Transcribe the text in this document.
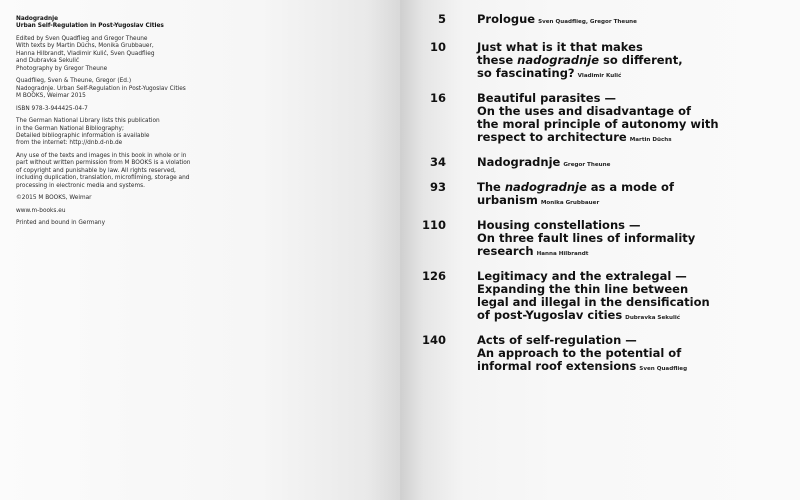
Nadogradnje
Urban Self-Regulation in Post-Yugoslav Cities

Edited by Sven Quadflieg and Gregor Theune
With texts by Martin Düchs, Monika Grubbauer,
Hanna Hilbrandt, Vladimir Kulić, Sven Quadflieg
and Dubravka Sekulić
Photography by Gregor Theune

Quadflieg, Sven & Theune, Gregor (Ed.)
Nadogradnje. Urban Self-Regulation in Post-Yugoslav Cities
M BOOKS, Weimar 2015

ISBN 978-3-944425-04-7

The German National Library lists this publication
in the German National Bibliography;
Detailed bibliographic information is available
from the internet: http://dnb.d-nb.de

Any use of the texts and images in this book in whole or in
part without written permission from M BOOKS is a violation
of copyright and punishable by law. All rights reserved,
including duplication, translation, microfilming, storage and
processing in electronic media and systems.

©2015 M BOOKS, Weimar

www.m-books.eu

Printed and bound in Germany

5	Prologue Sven Quadflieg, Gregor Theune
10	Just what is it that makes
these nadogradnje so different,
so fascinating? Vladimir Kulić
16	Beautiful parasites —
On the uses and disadvantage of
the moral principle of autonomy with
respect to architecture Martin Düchs
34	Nadogradnje Gregor Theune
93	The nadogradnje as a mode of
urbanism Monika Grubbauer
110	Housing constellations —
On three fault lines of informality
research Hanna Hilbrandt
126	Legitimacy and the extralegal —
Expanding the thin line between
legal and illegal in the densification
of post-Yugoslav cities Dubravka Sekulić
140	Acts of self-regulation —
An approach to the potential of
informal roof extensions Sven Quadflieg
